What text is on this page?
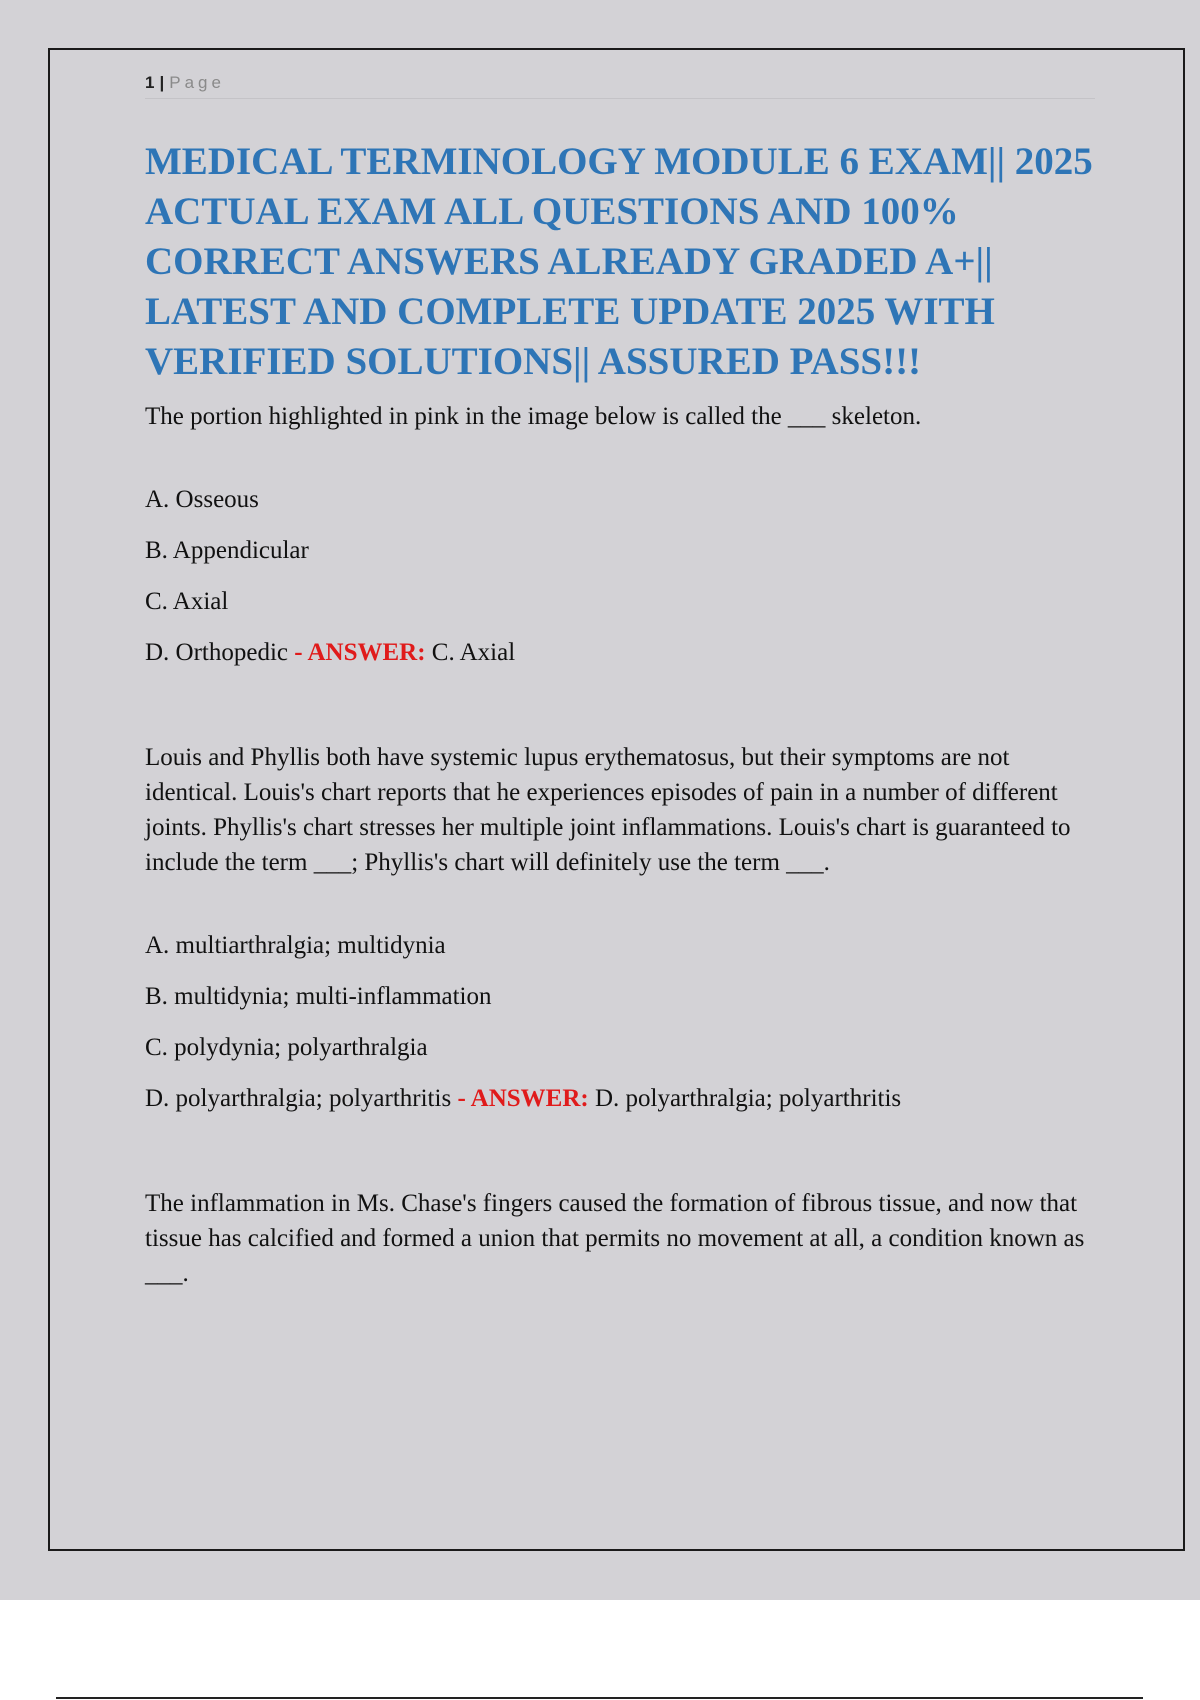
1 | Page
MEDICAL TERMINOLOGY MODULE 6 EXAM|| 2025 ACTUAL EXAM ALL QUESTIONS AND 100% CORRECT ANSWERS ALREADY GRADED A+|| LATEST AND COMPLETE UPDATE 2025 WITH VERIFIED SOLUTIONS|| ASSURED PASS!!!

The portion highlighted in pink in the image below is called the ___ skeleton.

A. Osseous
B. Appendicular
C. Axial
D. Orthopedic - ANSWER: C. Axial

Louis and Phyllis both have systemic lupus erythematosus, but their symptoms are not identical. Louis's chart reports that he experiences episodes of pain in a number of different joints. Phyllis's chart stresses her multiple joint inflammations. Louis's chart is guaranteed to include the term ___; Phyllis's chart will definitely use the term ___.

A. multiarthralgia; multidynia
B. multidynia; multi-inflammation
C. polydynia; polyarthralgia
D. polyarthralgia; polyarthritis - ANSWER: D. polyarthralgia; polyarthritis

The inflammation in Ms. Chase's fingers caused the formation of fibrous tissue, and now that tissue has calcified and formed a union that permits no movement at all, a condition known as ___.
